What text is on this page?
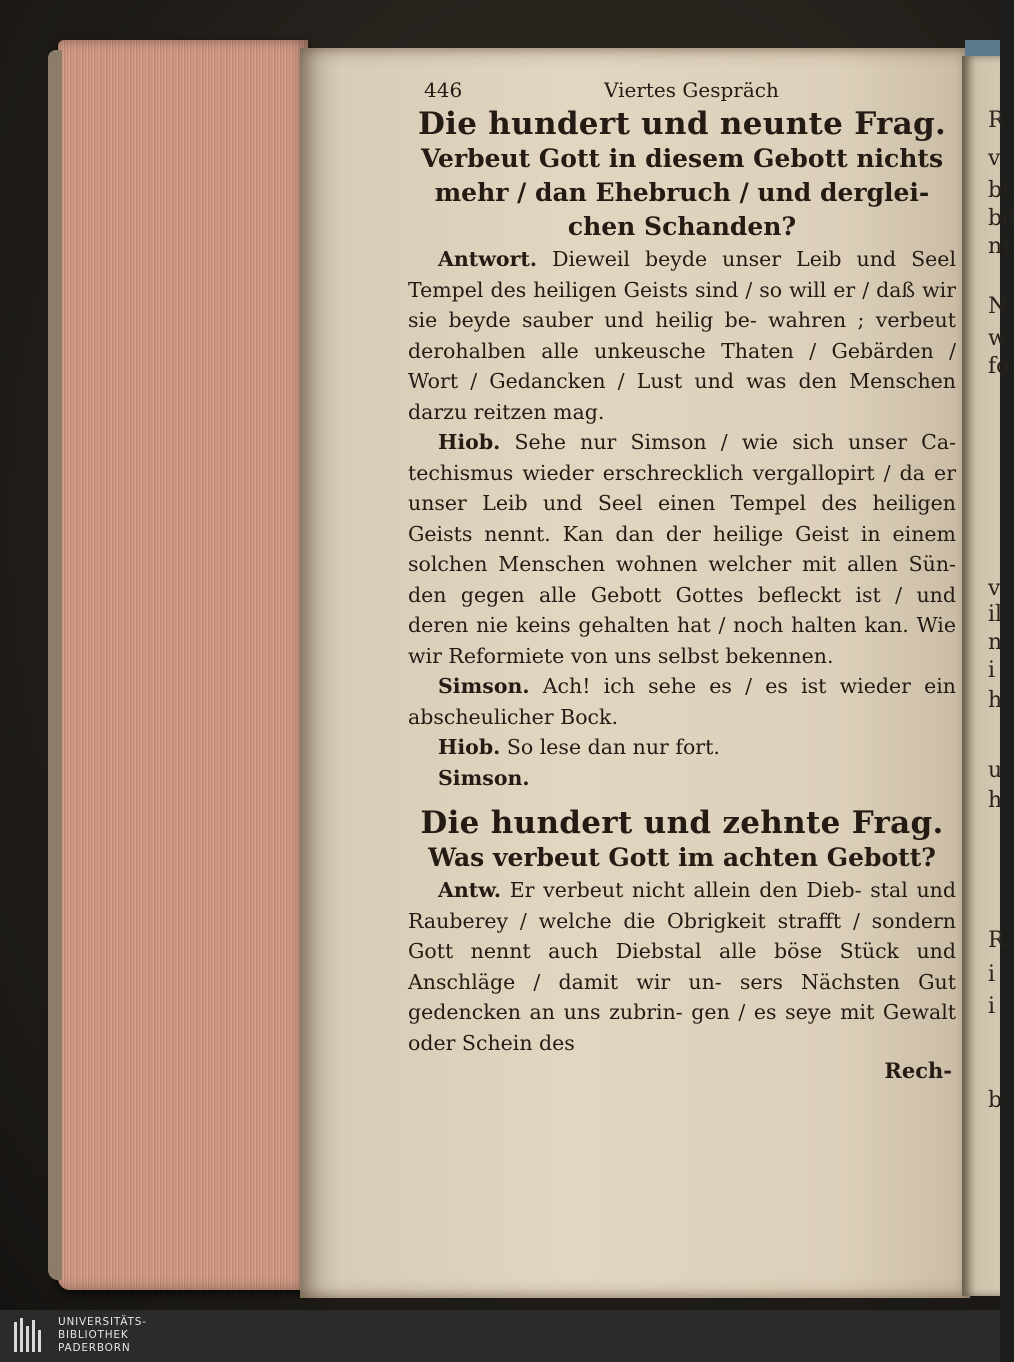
446	Viertes Gespräch
Die hundert und neunte Frag.

Verbeut Gott in diesem Gebott nichts
mehr / dan Ehebruch / und derglei-
chen Schanden?

Antwort. Dieweil beyde unser Leib und Seel Tempel des heiligen Geists sind / so will er / daß wir sie beyde sauber und heilig be- wahren ; verbeut derohalben alle unkeusche Thaten / Gebärden / Wort / Gedancken / Lust und was den Menschen darzu reitzen mag.

Hiob. Sehe nur Simson / wie sich unser Ca- techismus wieder erschrecklich vergallopirt / da er unser Leib und Seel einen Tempel des heiligen Geists nennt. Kan dan der heilige Geist in einem solchen Menschen wohnen welcher mit allen Sün- den gegen alle Gebott Gottes befleckt ist / und deren nie keins gehalten hat / noch halten kan. Wie wir Reformiete von uns selbst bekennen.

Simson. Ach! ich sehe es / es ist wieder ein abscheulicher Bock.

Hiob. So lese dan nur fort.

Simson.

Die hundert und zehnte Frag.

Was verbeut Gott im achten Gebott?

Antw. Er verbeut nicht allein den Dieb- stal und Rauberey / welche die Obrigkeit strafft / sondern Gott nennt auch Diebstal alle böse Stück und Anschläge / damit wir un- sers Nächsten Gut gedencken an uns zubrin- gen / es seye mit Gewalt oder Schein des

Rech-

R
v
bi
bc
ni
N
w
fo
v
il
n
i
h
u
h
R
i
i
b
UNIVERSITÄTS-
BIBLIOTHEK
PADERBORN
